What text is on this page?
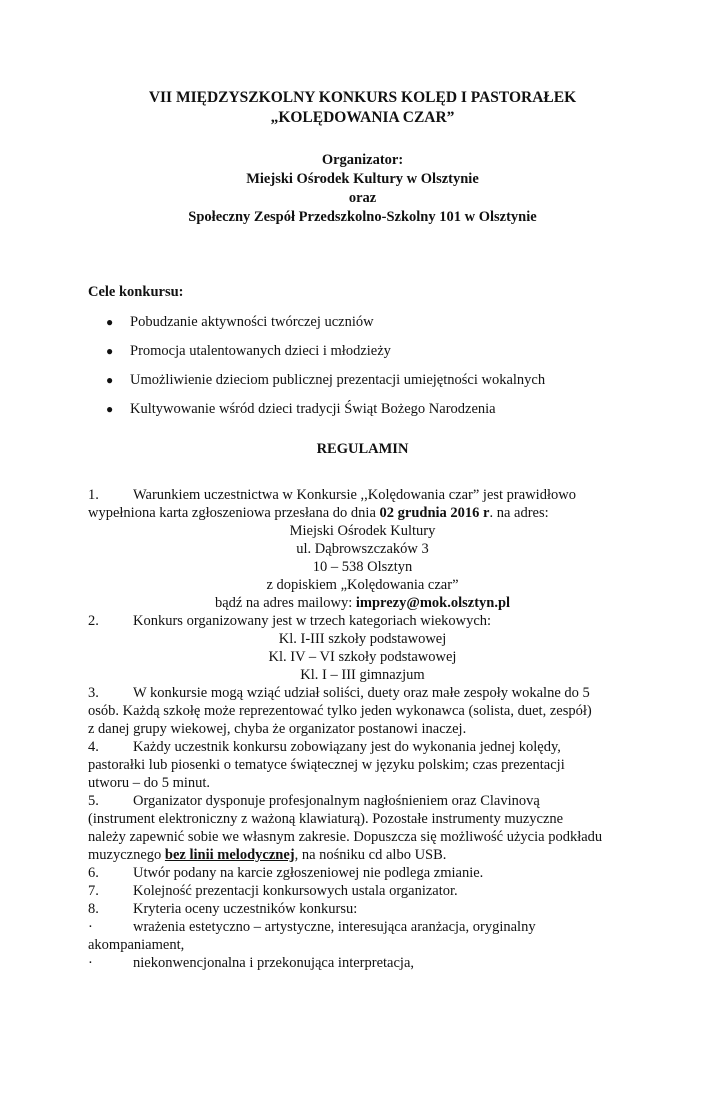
VII MIĘDZYSZKOLNY KONKURS KOLĘD I PASTORAŁEK
„KOLĘDOWANIA CZAR”
Organizator:
Miejski Ośrodek Kultury w Olsztynie
oraz
Społeczny Zespół Przedszkolno-Szkolny 101 w Olsztynie
Cele konkursu:
● Pobudzanie aktywności twórczej uczniów
● Promocja utalentowanych dzieci i młodzieży
● Umożliwienie dzieciom publicznej prezentacji umiejętności wokalnych
● Kultywowanie wśród dzieci tradycji Świąt Bożego Narodzenia
REGULAMIN

1. Warunkiem uczestnictwa w Konkursie ,,Kolędowania czar” jest prawidłowo

wypełniona karta zgłoszeniowa przesłana do dnia 02 grudnia 2016 r. na adres:

Miejski Ośrodek Kultury
ul. Dąbrowszczaków 3
10 – 538 Olsztyn
z dopiskiem „Kolędowania czar”
bądź na adres mailowy: imprezy@mok.olsztyn.pl

2. Konkurs organizowany jest w trzech kategoriach wiekowych:

Kl. I-III szkoły podstawowej
Kl. IV – VI szkoły podstawowej
Kl. I – III gimnazjum

3. W konkursie mogą wziąć udział soliści, duety oraz małe zespoły wokalne do 5

osób. Każdą szkołę może reprezentować tylko jeden wykonawca (solista, duet, zespół)

z danej grupy wiekowej, chyba że organizator postanowi inaczej.

4. Każdy uczestnik konkursu zobowiązany jest do wykonania jednej kolędy,

pastorałki lub piosenki o tematyce świątecznej w języku polskim; czas prezentacji

utworu – do 5 minut.

5. Organizator dysponuje profesjonalnym nagłośnieniem oraz Clavinovą

(instrument elektroniczny z ważoną klawiaturą). Pozostałe instrumenty muzyczne

należy zapewnić sobie we własnym zakresie. Dopuszcza się możliwość użycia podkładu

muzycznego bez linii melodycznej, na nośniku cd albo USB.

6. Utwór podany na karcie zgłoszeniowej nie podlega zmianie.

7. Kolejność prezentacji konkursowych ustala organizator.

8. Kryteria oceny uczestników konkursu:

·	wrażenia estetyczno – artystyczne, interesująca aranżacja, oryginalny

akompaniament,

·	niekonwencjonalna i przekonująca interpretacja,
